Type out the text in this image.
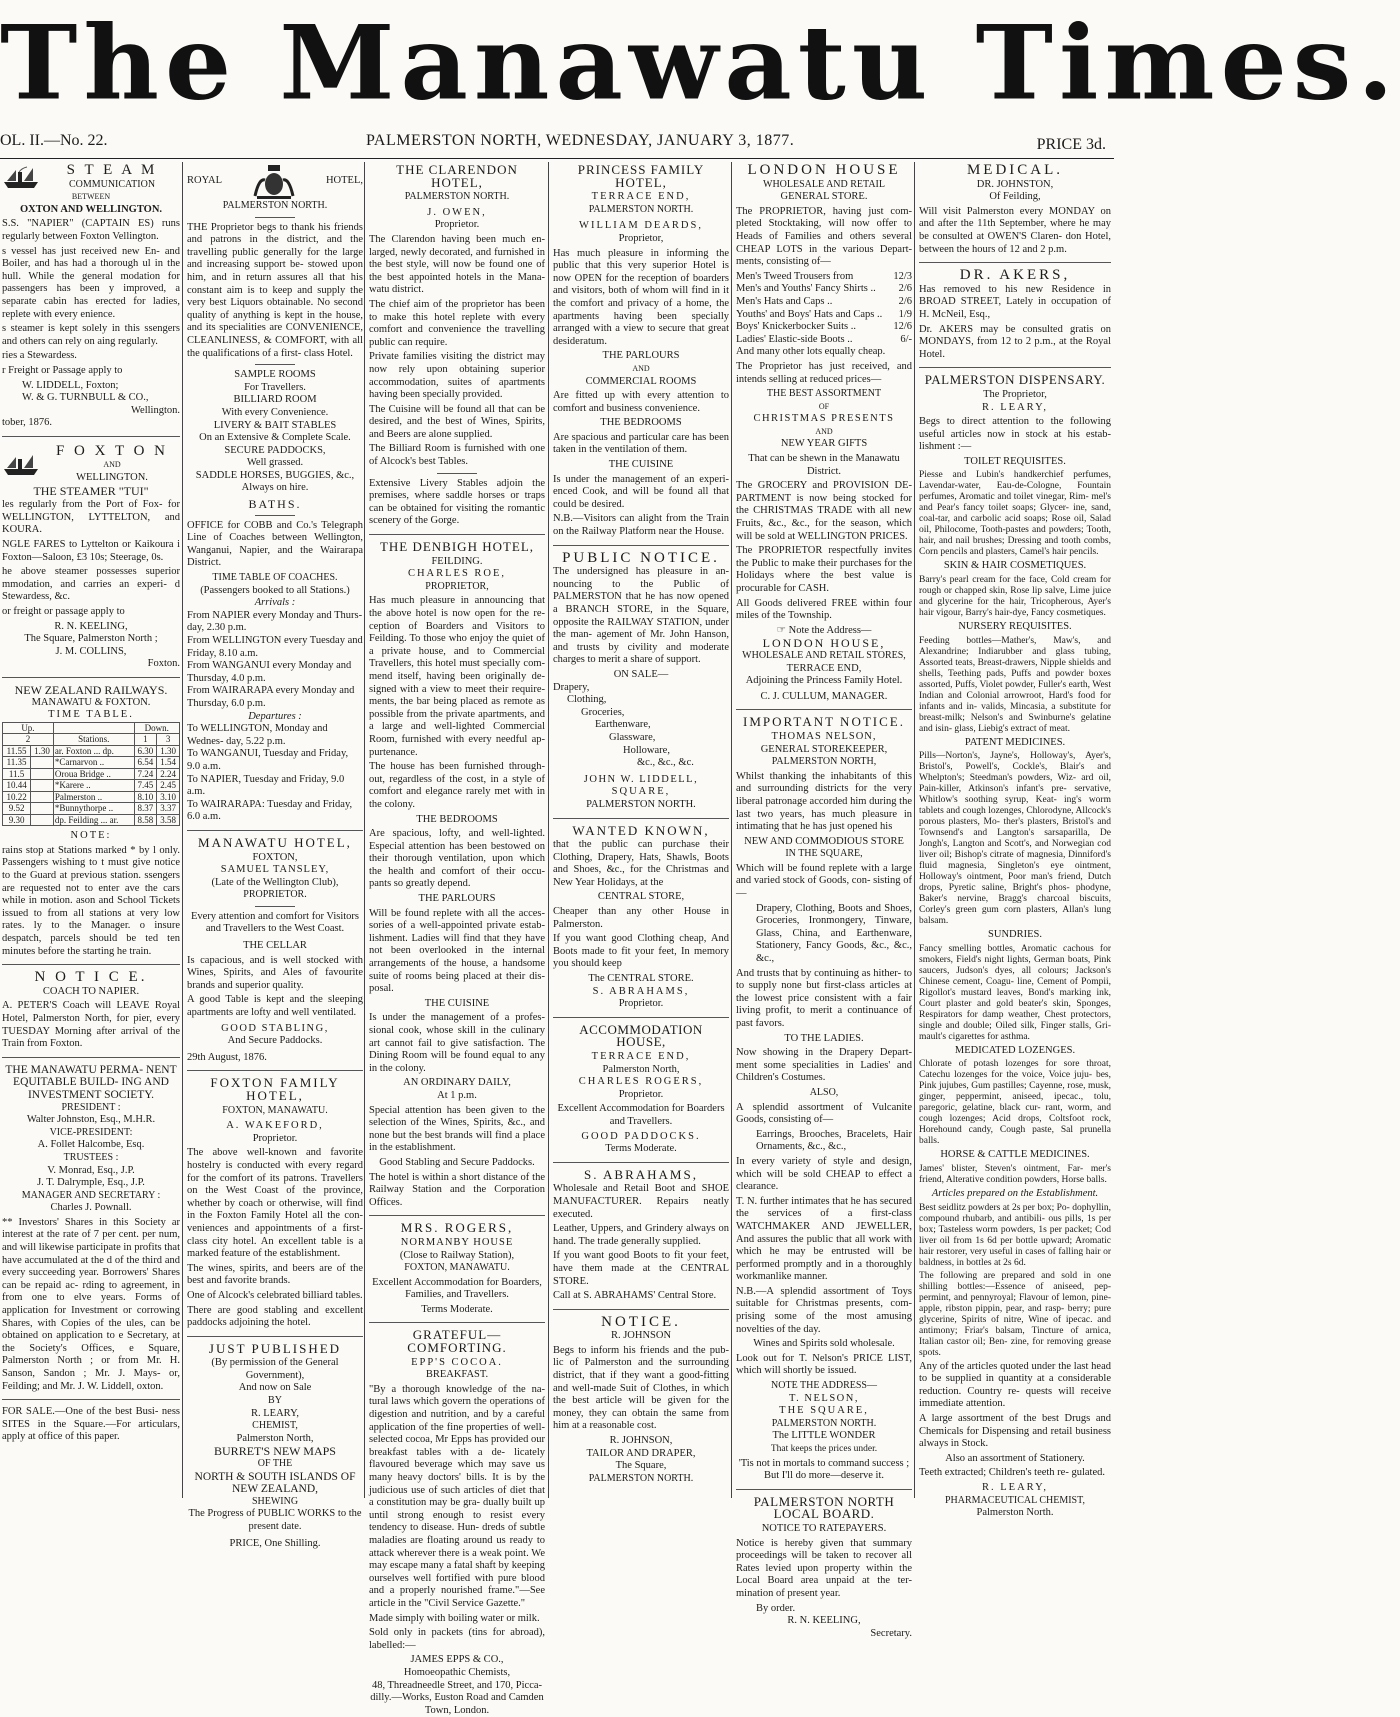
The Manawatu Times.
OL. II.—No. 22.	PALMERSTON NORTH, WEDNESDAY, JANUARY 3, 1877.	PRICE 3d.
S T E A M
COMMUNICATION
BETWEEN
OXTON AND WELLINGTON.

S.S. "NAPIER" (CAPTAIN ES) runs regularly between Foxton Vellington.

s vessel has just received new En- and Boiler, and has had a thorough ul in the hull. While the general modation for passengers has been y improved, a separate cabin has erected for ladies, replete with every enience.

s steamer is kept solely in this ssengers and others can rely on aing regularly.

ries a Stewardess.

r Freight or Passage apply to

W. LIDDELL, Foxton;
W. & G. TURNBULL & CO.,
Wellington.
tober, 1876.
F O X T O N
AND
WELLINGTON.
THE STEAMER "TUI"

les regularly from the Port of Fox- for WELLINGTON, LYTTELTON, and KOURA.

NGLE FARES to Lyttelton or Kaikoura i Foxton—Saloon, £3 10s; Steerage, 0s.

he above steamer possesses superior mmodation, and carries an experi- d Stewardess, &c.

or freight or passage apply to

R. N. KEELING,
The Square, Palmerston North ;
J. M. COLLINS,
Foxton.
NEW ZEALAND RAILWAYS.
MANAWATU & FOXTON.
TIME TABLE.
Up.			Down.	
2		Stations.	1	3
11.55	1.30	ar. Foxton ... dp.	6.30	1.30
11.35		*Carnarvon ..	6.54	1.54
11.5		Oroua Bridge ..	7.24	2.24
10.44		*Karere ..	7.45	2.45
10.22		Palmerston ..	8.10	3.10
9.52		*Bunnythorpe ..	8.37	3.37
9.30		dp. Feilding ... ar.	8.58	3.58
NOTE:

rains stop at Stations marked * by l only. Passengers wishing to t must give notice to the Guard at previous station. ssengers are requested not to enter ave the cars while in motion. ason and School Tickets issued to from all stations at very low rates. ly to the Manager. o insure despatch, parcels should be ted ten minutes before the starting he train.

N O T I C E.
COACH TO NAPIER.

A. PETER'S Coach will LEAVE Royal Hotel, Palmerston North, for pier, every TUESDAY Morning after arrival of the Train from Foxton.

THE MANAWATU PERMA- NENT EQUITABLE BUILD- ING AND INVESTMENT SOCIETY.
PRESIDENT :
Walter Johnston, Esq., M.H.R.
VICE-PRESIDENT:
A. Follet Halcombe, Esq.
TRUSTEES :
V. Monrad, Esq., J.P.
J. T. Dalrymple, Esq., J.P.
MANAGER AND SECRETARY :
Charles J. Pownall.

** Investors' Shares in this Society ar interest at the rate of 7 per cent. per num, and will likewise participate in profits that have accumulated at the d of the third and every succeeding year. Borrowers' Shares can be repaid ac- rding to agreement, in from one to elve years. Forms of application for Investment or corrowing Shares, with Copies of the ules, can be obtained on application to e Secretary, at the Society's Offices, e Square, Palmerston North ; or from Mr. H. Sanson, Sandon ; Mr. J. Mays- or, Feilding; and Mr. J. W. Liddell, oxton.

FOR SALE.—One of the best Busi- ness SITES in the Square.—For articulars, apply at office of this paper.

ROYAL	HOTEL,
PALMERSTON NORTH.

THE Proprietor begs to thank his friends and patrons in the district, and the travelling public generally for the large and increasing support be- stowed upon him, and in return assures all that his constant aim is to keep and supply the very best Liquors obtainable. No second quality of anything is kept in the house, and its specialities are CONVENIENCE, CLEANLINESS, & COMFORT, with all the qualifications of a first- class Hotel.

SAMPLE ROOMS
For Travellers.
BILLIARD ROOM
With every Convenience.
LIVERY & BAIT STABLES
On an Extensive & Complete Scale.
SECURE PADDOCKS,
Well grassed.
SADDLE HORSES, BUGGIES, &c.,
Always on hire.
BATHS.

OFFICE for COBB and Co.'s Telegraph Line of Coaches between Wellington, Wanganui, Napier, and the Wairarapa District.

TIME TABLE OF COACHES.
(Passengers booked to all Stations.)
Arrivals :
From NAPIER every Monday and Thurs- day, 2.30 p.m.
From WELLINGTON every Tuesday and Friday, 8.10 a.m.
From WANGANUI every Monday and Thursday, 4.0 p.m.
From WAIRARAPA every Monday and Thursday, 6.0 p.m.
Departures :
To WELLINGTON, Monday and Wednes- day, 5.22 p.m.
To WANGANUI, Tuesday and Friday, 9.0 a.m.
To NAPIER, Tuesday and Friday, 9.0 a.m.
To WAIRARAPA: Tuesday and Friday, 6.0 a.m.
MANAWATU HOTEL,
FOXTON,
SAMUEL TANSLEY,
(Late of the Wellington Club),
PROPRIETOR.

Every attention and comfort for Visitors and Travellers to the West Coast.

THE CELLAR

Is capacious, and is well stocked with Wines, Spirits, and Ales of favourite brands and superior quality.

A good Table is kept and the sleeping apartments are lofty and well ventilated.

GOOD STABLING,
And Secure Paddocks.
29th August, 1876.
FOXTON FAMILY HOTEL,
FOXTON, MANAWATU.
A. WAKEFORD,
Proprietor.

The above well-known and favorite hostelry is conducted with every regard for the comfort of its patrons. Travellers on the West Coast of the province, whether by coach or otherwise, will find in the Foxton Family Hotel all the con- veniences and appointments of a first- class city hotel. An excellent table is a marked feature of the establishment.

The wines, spirits, and beers are of the best and favorite brands.

One of Alcock's celebrated billiard tables.

There are good stabling and excellent paddocks adjoining the hotel.

JUST PUBLISHED
(By permission of the General Government),
And now on Sale
BY
R. LEARY,
CHEMIST,
Palmerston North,
BURRET'S NEW MAPS
OF THE
NORTH & SOUTH ISLANDS OF NEW ZEALAND,
SHEWING
The Progress of PUBLIC WORKS to the present date.
PRICE, One Shilling.
THE CLARENDON HOTEL,
PALMERSTON NORTH.
J. OWEN,
Proprietor.

The Clarendon having been much en- larged, newly decorated, and furnished in the best style, will now be found one of the best appointed hotels in the Mana- watu district.

The chief aim of the proprietor has been to make this hotel replete with every comfort and convenience the travelling public can require.

Private families visiting the district may now rely upon obtaining superior accommodation, suites of apartments having been specially provided.

The Cuisine will be found all that can be desired, and the best of Wines, Spirits, and Beers are alone supplied.

The Billiard Room is furnished with one of Alcock's best Tables.

Extensive Livery Stables adjoin the premises, where saddle horses or traps can be obtained for visiting the romantic scenery of the Gorge.

THE DENBIGH HOTEL,
FEILDING.
CHARLES ROE,
PROPRIETOR,

Has much pleasure in announcing that the above hotel is now open for the re- ception of Boarders and Visitors to Feilding. To those who enjoy the quiet of a private house, and to Commercial Travellers, this hotel must specially com- mend itself, having been originally de- signed with a view to meet their require- ments, the bar being placed as remote as possible from the private apartments, and a large and well-lighted Commercial Room, furnished with every needful ap- purtenance.

The house has been furnished through- out, regardless of the cost, in a style of comfort and elegance rarely met with in the colony.

THE BEDROOMS

Are spacious, lofty, and well-lighted. Especial attention has been bestowed on their thorough ventilation, upon which the health and comfort of their occu- pants so greatly depend.

THE PARLOURS

Will be found replete with all the acces- sories of a well-appointed private estab- lishment. Ladies will find that they have not been overlooked in the internal arrangements of the house, a handsome suite of rooms being placed at their dis- posal.

THE CUISINE

Is under the management of a profes- sional cook, whose skill in the culinary art cannot fail to give satisfaction. The Dining Room will be found equal to any in the colony.

AN ORDINARY DAILY,
At 1 p.m.

Special attention has been given to the selection of the Wines, Spirits, &c., and none but the best brands will find a place in the establishment.

Good Stabling and Secure Paddocks.

The hotel is within a short distance of the Railway Station and the Corporation Offices.

MRS. ROGERS,
NORMANBY HOUSE
(Close to Railway Station),
FOXTON, MANAWATU.

Excellent Accommodation for Boarders, Families, and Travellers.

Terms Moderate.
GRATEFUL—COMFORTING.
EPP'S COCOA.
BREAKFAST.

"By a thorough knowledge of the na- tural laws which govern the operations of digestion and nutrition, and by a careful application of the fine properties of well-selected cocoa, Mr Epps has provided our breakfast tables with a de- licately flavoured beverage which may save us many heavy doctors' bills. It is by the judicious use of such articles of diet that a constitution may be gra- dually built up until strong enough to resist every tendency to disease. Hun- dreds of subtle maladies are floating around us ready to attack wherever there is a weak point. We may escape many a fatal shaft by keeping ourselves well fortified with pure blood and a properly nourished frame."—See article in the "Civil Service Gazette."

Made simply with boiling water or milk.

Sold only in packets (tins for abroad), labelled:—

JAMES EPPS & CO.,
Homoeopathic Chemists,
48, Threadneedle Street, and 170, Picca- dilly.—Works, Euston Road and Camden Town, London.
PRINCESS FAMILY HOTEL,
TERRACE END,
PALMERSTON NORTH.
WILLIAM DEARDS,
Proprietor,

Has much pleasure in informing the public that this very superior Hotel is now OPEN for the reception of boarders and visitors, both of whom will find in it the comfort and privacy of a home, the apartments having been specially arranged with a view to secure that great desideratum.

THE PARLOURS
AND
COMMERCIAL ROOMS

Are fitted up with every attention to comfort and business convenience.

THE BEDROOMS

Are spacious and particular care has been taken in the ventilation of them.

THE CUISINE

Is under the management of an experi- enced Cook, and will be found all that could be desired.

N.B.—Visitors can alight from the Train on the Railway Platform near the House.

PUBLIC NOTICE.

The undersigned has pleasure in an- nouncing to the Public of PALMERSTON that he has now opened a BRANCH STORE, in the Square, opposite the RAILWAY STATION, under the man- agement of Mr. John Hanson, and trusts by civility and moderate charges to merit a share of support.

ON SALE—
Drapery,
Clothing,
Groceries,
Earthenware,
Glassware,
Holloware,
&c., &c., &c.
JOHN W. LIDDELL,
SQUARE,
PALMERSTON NORTH.
WANTED KNOWN,

that the public can purchase their Clothing, Drapery, Hats, Shawls, Boots and Shoes, &c., for the Christmas and New Year Holidays, at the

CENTRAL STORE,

Cheaper than any other House in Palmerston.

If you want good Clothing cheap, And Boots made to fit your feet, In memory you should keep

The CENTRAL STORE.
S. ABRAHAMS,
Proprietor.
ACCOMMODATION HOUSE,
TERRACE END,
Palmerston North,
CHARLES ROGERS,
Proprietor.

Excellent Accommodation for Boarders and Travellers.

GOOD PADDOCKS.
Terms Moderate.
S. ABRAHAMS,

Wholesale and Retail Boot and SHOE MANUFACTURER. Repairs neatly executed.

Leather, Uppers, and Grindery always on hand. The trade generally supplied.

If you want good Boots to fit your feet, have them made at the CENTRAL STORE.

Call at S. ABRAHAMS' Central Store.

NOTICE.
R. JOHNSON

Begs to inform his friends and the pub- lic of Palmerston and the surrounding district, that if they want a good-fitting and well-made Suit of Clothes, in which the best article will be given for the money, they can obtain the same from him at a reasonable cost.

R. JOHNSON,
TAILOR AND DRAPER,
The Square,
PALMERSTON NORTH.
LONDON HOUSE
WHOLESALE AND RETAIL
GENERAL STORE.

The PROPRIETOR, having just com- pleted Stocktaking, will now offer to Heads of Families and others several CHEAP LOTS in the various Depart- ments, consisting of—

Men's Tweed Trousers from	12/3
Men's and Youths' Fancy Shirts .. 2/6
Men's Hats and Caps ..	2/6
Youths' and Boys' Hats and Caps .. 1/9
Boys' Knickerbocker Suits ..	12/6
Ladies' Elastic-side Boots ..	6/-
And many other lots equally cheap.

The Proprietor has just received, and intends selling at reduced prices—

THE BEST ASSORTMENT
OF
CHRISTMAS PRESENTS
AND
NEW YEAR GIFTS

That can be shewn in the Manawatu District.

The GROCERY and PROVISION DE- PARTMENT is now being stocked for the CHRISTMAS TRADE with all new Fruits, &c., &c., for the season, which will be sold at WELLINGTON PRICES.

The PROPRIETOR respectfully invites the Public to make their purchases for the Holidays where the best value is procurable for CASH.

All Goods delivered FREE within four miles of the Township.

☞ Note the Address—
LONDON HOUSE,
WHOLESALE AND RETAIL STORES,
TERRACE END,
Adjoining the Princess Family Hotel.
C. J. CULLUM, MANAGER.
IMPORTANT NOTICE.
THOMAS NELSON,
GENERAL STOREKEEPER,
PALMERSTON NORTH,

Whilst thanking the inhabitants of this and surrounding districts for the very liberal patronage accorded him during the last two years, has much pleasure in intimating that he has just opened his

NEW AND COMMODIOUS STORE
IN THE SQUARE,

Which will be found replete with a large and varied stock of Goods, con- sisting of—

Drapery, Clothing, Boots and Shoes, Groceries, Ironmongery, Tinware, Glass, China, and Earthenware, Stationery, Fancy Goods, &c., &c., &c.,

And trusts that by continuing as hither- to to supply none but first-class articles at the lowest price consistent with a fair living profit, to merit a continuance of past favors.

TO THE LADIES.

Now showing in the Drapery Depart- ment some specialities in Ladies' and Children's Costumes.

ALSO,

A splendid assortment of Vulcanite Goods, consisting of—

Earrings, Brooches, Bracelets, Hair Ornaments, &c., &c.,

In every variety of style and design, which will be sold CHEAP to effect a clearance.

T. N. further intimates that he has secured the services of a first-class WATCHMAKER AND JEWELLER, And assures the public that all work with which he may be entrusted will be performed promptly and in a thoroughly workmanlike manner.

N.B.—A splendid assortment of Toys suitable for Christmas presents, com- prising some of the most amusing novelties of the day.

Wines and Spirits sold wholesale.

Look out for T. Nelson's PRICE LIST, which will shortly be issued.

NOTE THE ADDRESS—
T. NELSON,
THE SQUARE,
PALMERSTON NORTH.
The LITTLE WONDER
That keeps the prices under.

'Tis not in mortals to command success ; But I'll do more—deserve it.

PALMERSTON NORTH LOCAL BOARD.
NOTICE TO RATEPAYERS.

Notice is hereby given that summary proceedings will be taken to recover all Rates levied upon property within the Local Board area unpaid at the ter- mination of present year.

By order.
R. N. KEELING,
Secretary.
MEDICAL.
DR. JOHNSTON,
Of Feilding,

Will visit Palmerston every MONDAY on and after the 11th September, where he may be consulted at OWEN'S Claren- don Hotel, between the hours of 12 and 2 p.m.

DR. AKERS,

Has removed to his new Residence in BROAD STREET, Lately in occupation of H. McNeil, Esq.,

Dr. AKERS may be consulted gratis on MONDAYS, from 12 to 2 p.m., at the Royal Hotel.

PALMERSTON DISPENSARY.
The Proprietor,
R. LEARY,

Begs to direct attention to the following useful articles now in stock at his estab- lishment :—

TOILET REQUISITES.

Piesse and Lubin's handkerchief perfumes, Lavendar-water, Eau-de-Cologne, Fountain perfumes, Aromatic and toilet vinegar, Rim- mel's and Pear's fancy toilet soaps; Glycer- ine, sand, coal-tar, and carbolic acid soaps; Rose oil, Salad oil, Philocome, Tooth-pastes and powders; Tooth, hair, and nail brushes; Dressing and tooth combs, Corn pencils and plasters, Camel's hair pencils.

SKIN & HAIR COSMETIQUES.

Barry's pearl cream for the face, Cold cream for rough or chapped skin, Rose lip salve, Lime juice and glycerine for the hair, Tricopherous, Ayer's hair vigour, Barry's hair-dye, Fancy cosmetiques.

NURSERY REQUISITES.

Feeding bottles—Mather's, Maw's, and Alexandrine; Indiarubber and glass tubing, Assorted teats, Breast-drawers, Nipple shields and shells, Teething pads, Puffs and powder boxes assorted, Puffs, Violet powder, Fuller's earth, West Indian and Colonial arrowroot, Hard's food for infants and in- valids, Mincasia, a substitute for breast-milk; Nelson's and Swinburne's gelatine and isin- glass, Liebig's extract of meat.

PATENT MEDICINES.

Pills—Norton's, Jayne's, Holloway's, Ayer's, Bristol's, Powell's, Cockle's, Blair's and Whelpton's; Steedman's powders, Wiz- ard oil, Pain-killer, Atkinson's infant's pre- servative, Whitlow's soothing syrup, Keat- ing's worm tablets and cough lozenges, Chlorodyne, Allcock's porous plasters, Mo- ther's plasters, Bristol's and Townsend's and Langton's sarsaparilla, De Jongh's, Langton and Scott's, and Norwegian cod liver oil; Bishop's citrate of magnesia, Dinniford's fluid magnesia, Singleton's eye ointment, Holloway's ointment, Poor man's friend, Dutch drops, Pyretic saline, Bright's phos- phodyne, Baker's nervine, Bragg's charcoal biscuits, Corley's green gum corn plasters, Allan's lung balsam.

SUNDRIES.

Fancy smelling bottles, Aromatic cachous for smokers, Field's night lights, German boats, Pink saucers, Judson's dyes, all colours; Jackson's Chinese cement, Coagu- line, Cement of Pompii, Rigollot's mustard leaves, Bond's marking ink, Court plaster and gold beater's skin, Sponges, Respirators for damp weather, Chest protectors, single and double; Oiled silk, Finger stalls, Gri- mault's cigarettes for asthma.

MEDICATED LOZENGES.

Chlorate of potash lozenges for sore throat, Catechu lozenges for the voice, Voice juju- bes, Pink jujubes, Gum pastilles; Cayenne, rose, musk, ginger, peppermint, aniseed, ipecac., tolu, paregoric, gelatine, black cur- rant, worm, and cough lozenges; Acid drops, Coltsfoot rock, Horehound candy, Cough paste, Sal prunella balls.

HORSE & CATTLE MEDICINES.

James' blister, Steven's ointment, Far- mer's friend, Alterative condition powders, Horse balls.

Articles prepared on the Establishment.

Best seidlitz powders at 2s per box; Po- dophyllin, compound rhubarb, and antibili- ous pills, 1s per box; Tasteless worm powders, 1s per packet; Cod liver oil from 1s 6d per bottle upward; Aromatic hair restorer, very useful in cases of falling hair or baldness, in bottles at 2s 6d.

The following are prepared and sold in one shilling bottles:—Essence of aniseed, pep- permint, and pennyroyal; Flavour of lemon, pine-apple, ribston pippin, pear, and rasp- berry; pure glycerine, Spirits of nitre, Wine of ipecac. and antimony; Friar's balsam, Tincture of arnica, Italian castor oil; Ben- zine, for removing grease spots.

Any of the articles quoted under the last head to be supplied in quantity at a considerable reduction. Country re- quests will receive immediate attention.

A large assortment of the best Drugs and Chemicals for Dispensing and retail business always in Stock.

Also an assortment of Stationery.

Teeth extracted; Children's teeth re- gulated.

R. LEARY,
PHARMACEUTICAL CHEMIST,
Palmerston North.
